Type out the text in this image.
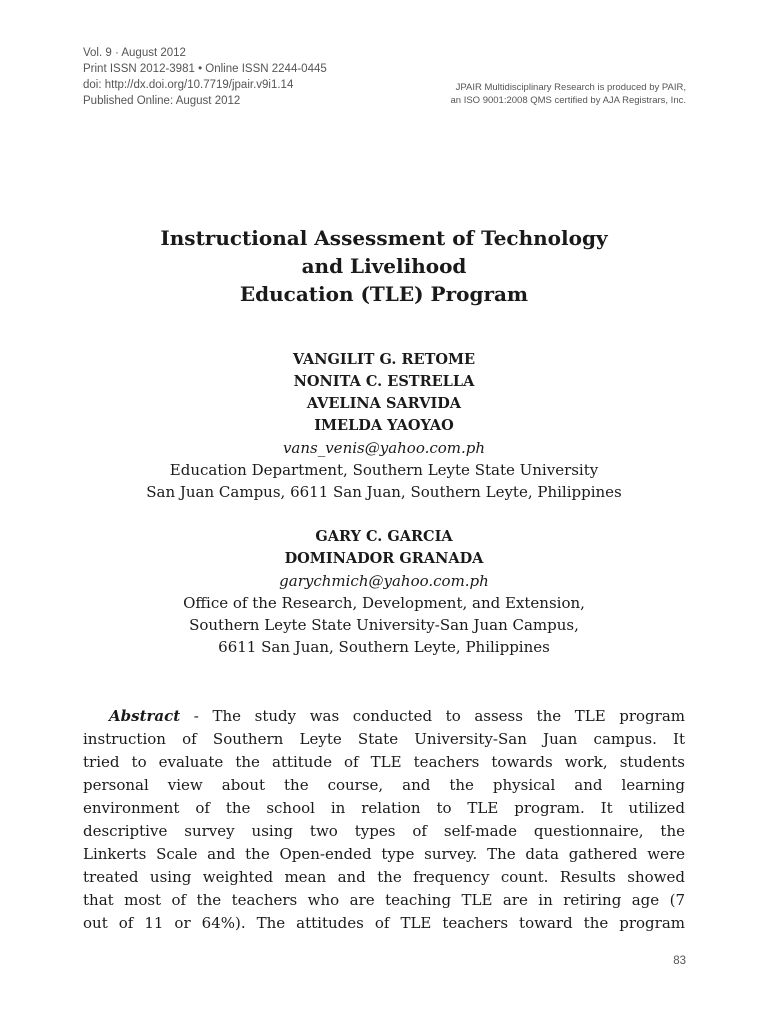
Vol. 9 · August 2012
Print ISSN 2012-3981 • Online ISSN 2244-0445
doi: http://dx.doi.org/10.7719/jpair.v9i1.14
Published Online: August 2012
JPAIR Multidisciplinary Research is produced by PAIR,
an ISO 9001:2008 QMS certified by AJA Registrars, Inc.
Instructional Assessment of Technology
and Livelihood
Education (TLE) Program
VANGILIT G. RETOME
NONITA C. ESTRELLA
AVELINA SARVIDA
IMELDA YAOYAO
vans_venis@yahoo.com.ph
Education Department, Southern Leyte State University
San Juan Campus, 6611 San Juan, Southern Leyte, Philippines
GARY C. GARCIA
DOMINADOR GRANADA
garychmich@yahoo.com.ph
Office of the Research, Development, and Extension,
Southern Leyte State University-San Juan Campus,
6611 San Juan, Southern Leyte, Philippines
Abstract - The study was conducted to assess the TLE program
instruction of Southern Leyte State University-San Juan campus. It
tried to evaluate the attitude of TLE teachers towards work, students
personal view about the course, and the physical and learning
environment of the school in relation to TLE program. It utilized
descriptive survey using two types of self-made questionnaire, the
Linkerts Scale and the Open-ended type survey. The data gathered were
treated using weighted mean and the frequency count. Results showed
that most of the teachers who are teaching TLE are in retiring age (7
out of 11 or 64%). The attitudes of TLE teachers toward the program
83
